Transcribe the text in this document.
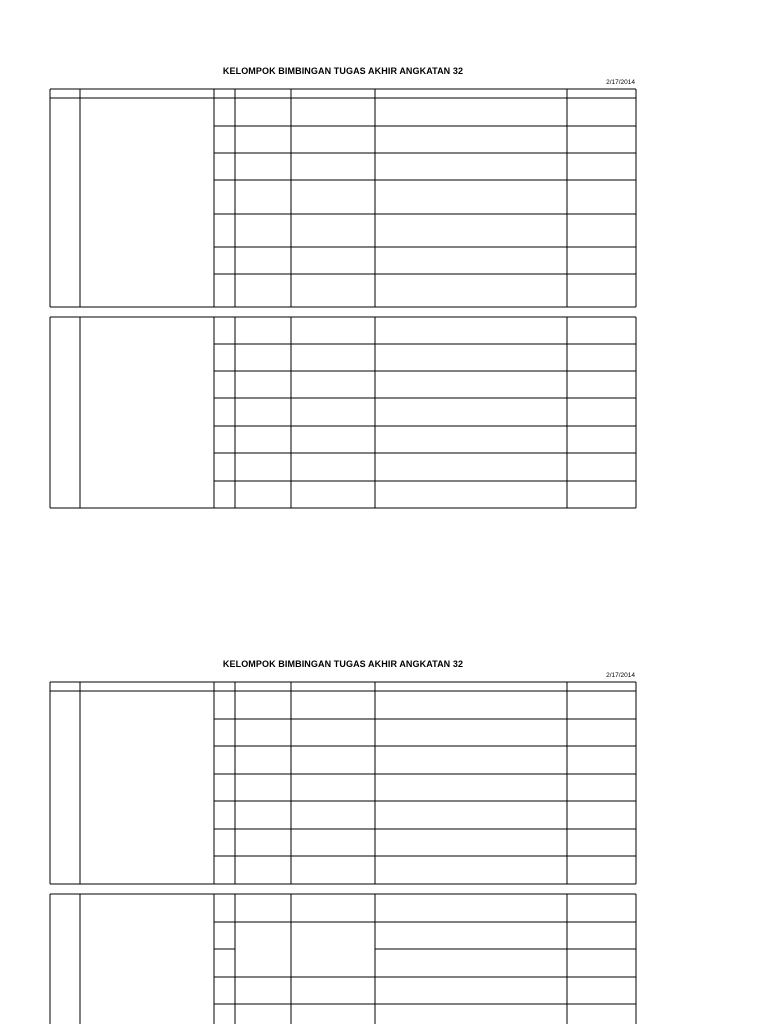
KELOMPOK BIMBINGAN TUGAS AKHIR ANGKATAN 32
2/17/2014
KELOMPOK BIMBINGAN TUGAS AKHIR ANGKATAN 32
2/17/2014
